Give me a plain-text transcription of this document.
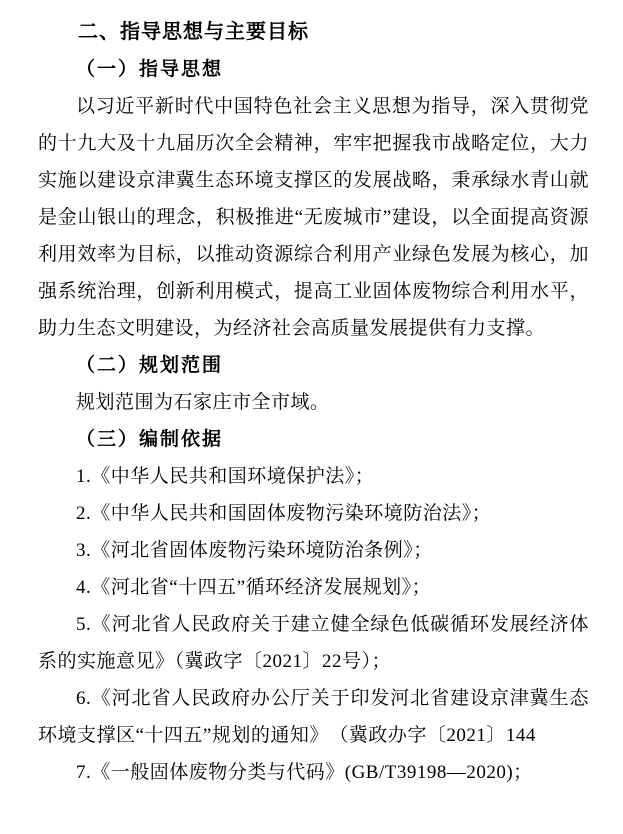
二、指导思想与主要目标

（一）指导思想

以习近平新时代中国特色社会主义思想为指导，深入贯彻党的十九大及十九届历次全会精神，牢牢把握我市战略定位，大力实施以建设京津冀生态环境支撑区的发展战略，秉承绿水青山就是金山银山的理念，积极推进“无废城市”建设，以全面提高资源利用效率为目标，以推动资源综合利用产业绿色发展为核心，加强系统治理，创新利用模式，提高工业固体废物综合利用水平，助力生态文明建设，为经济社会高质量发展提供有力支撑。

（二）规划范围

规划范围为石家庄市全市域。

（三）编制依据

1.《中华人民共和国环境保护法》；

2.《中华人民共和国固体废物污染环境防治法》；

3.《河北省固体废物污染环境防治条例》；

4.《河北省“十四五”循环经济发展规划》；

5.《河北省人民政府关于建立健全绿色低碳循环发展经济体系的实施意见》（冀政字〔2021〕22号）；

6.《河北省人民政府办公厅关于印发河北省建设京津冀生态环境支撑区“十四五”规划的通知》　（冀政办字〔2021〕144

7.《一般固体废物分类与代码》(GB/T39198—2020)；
